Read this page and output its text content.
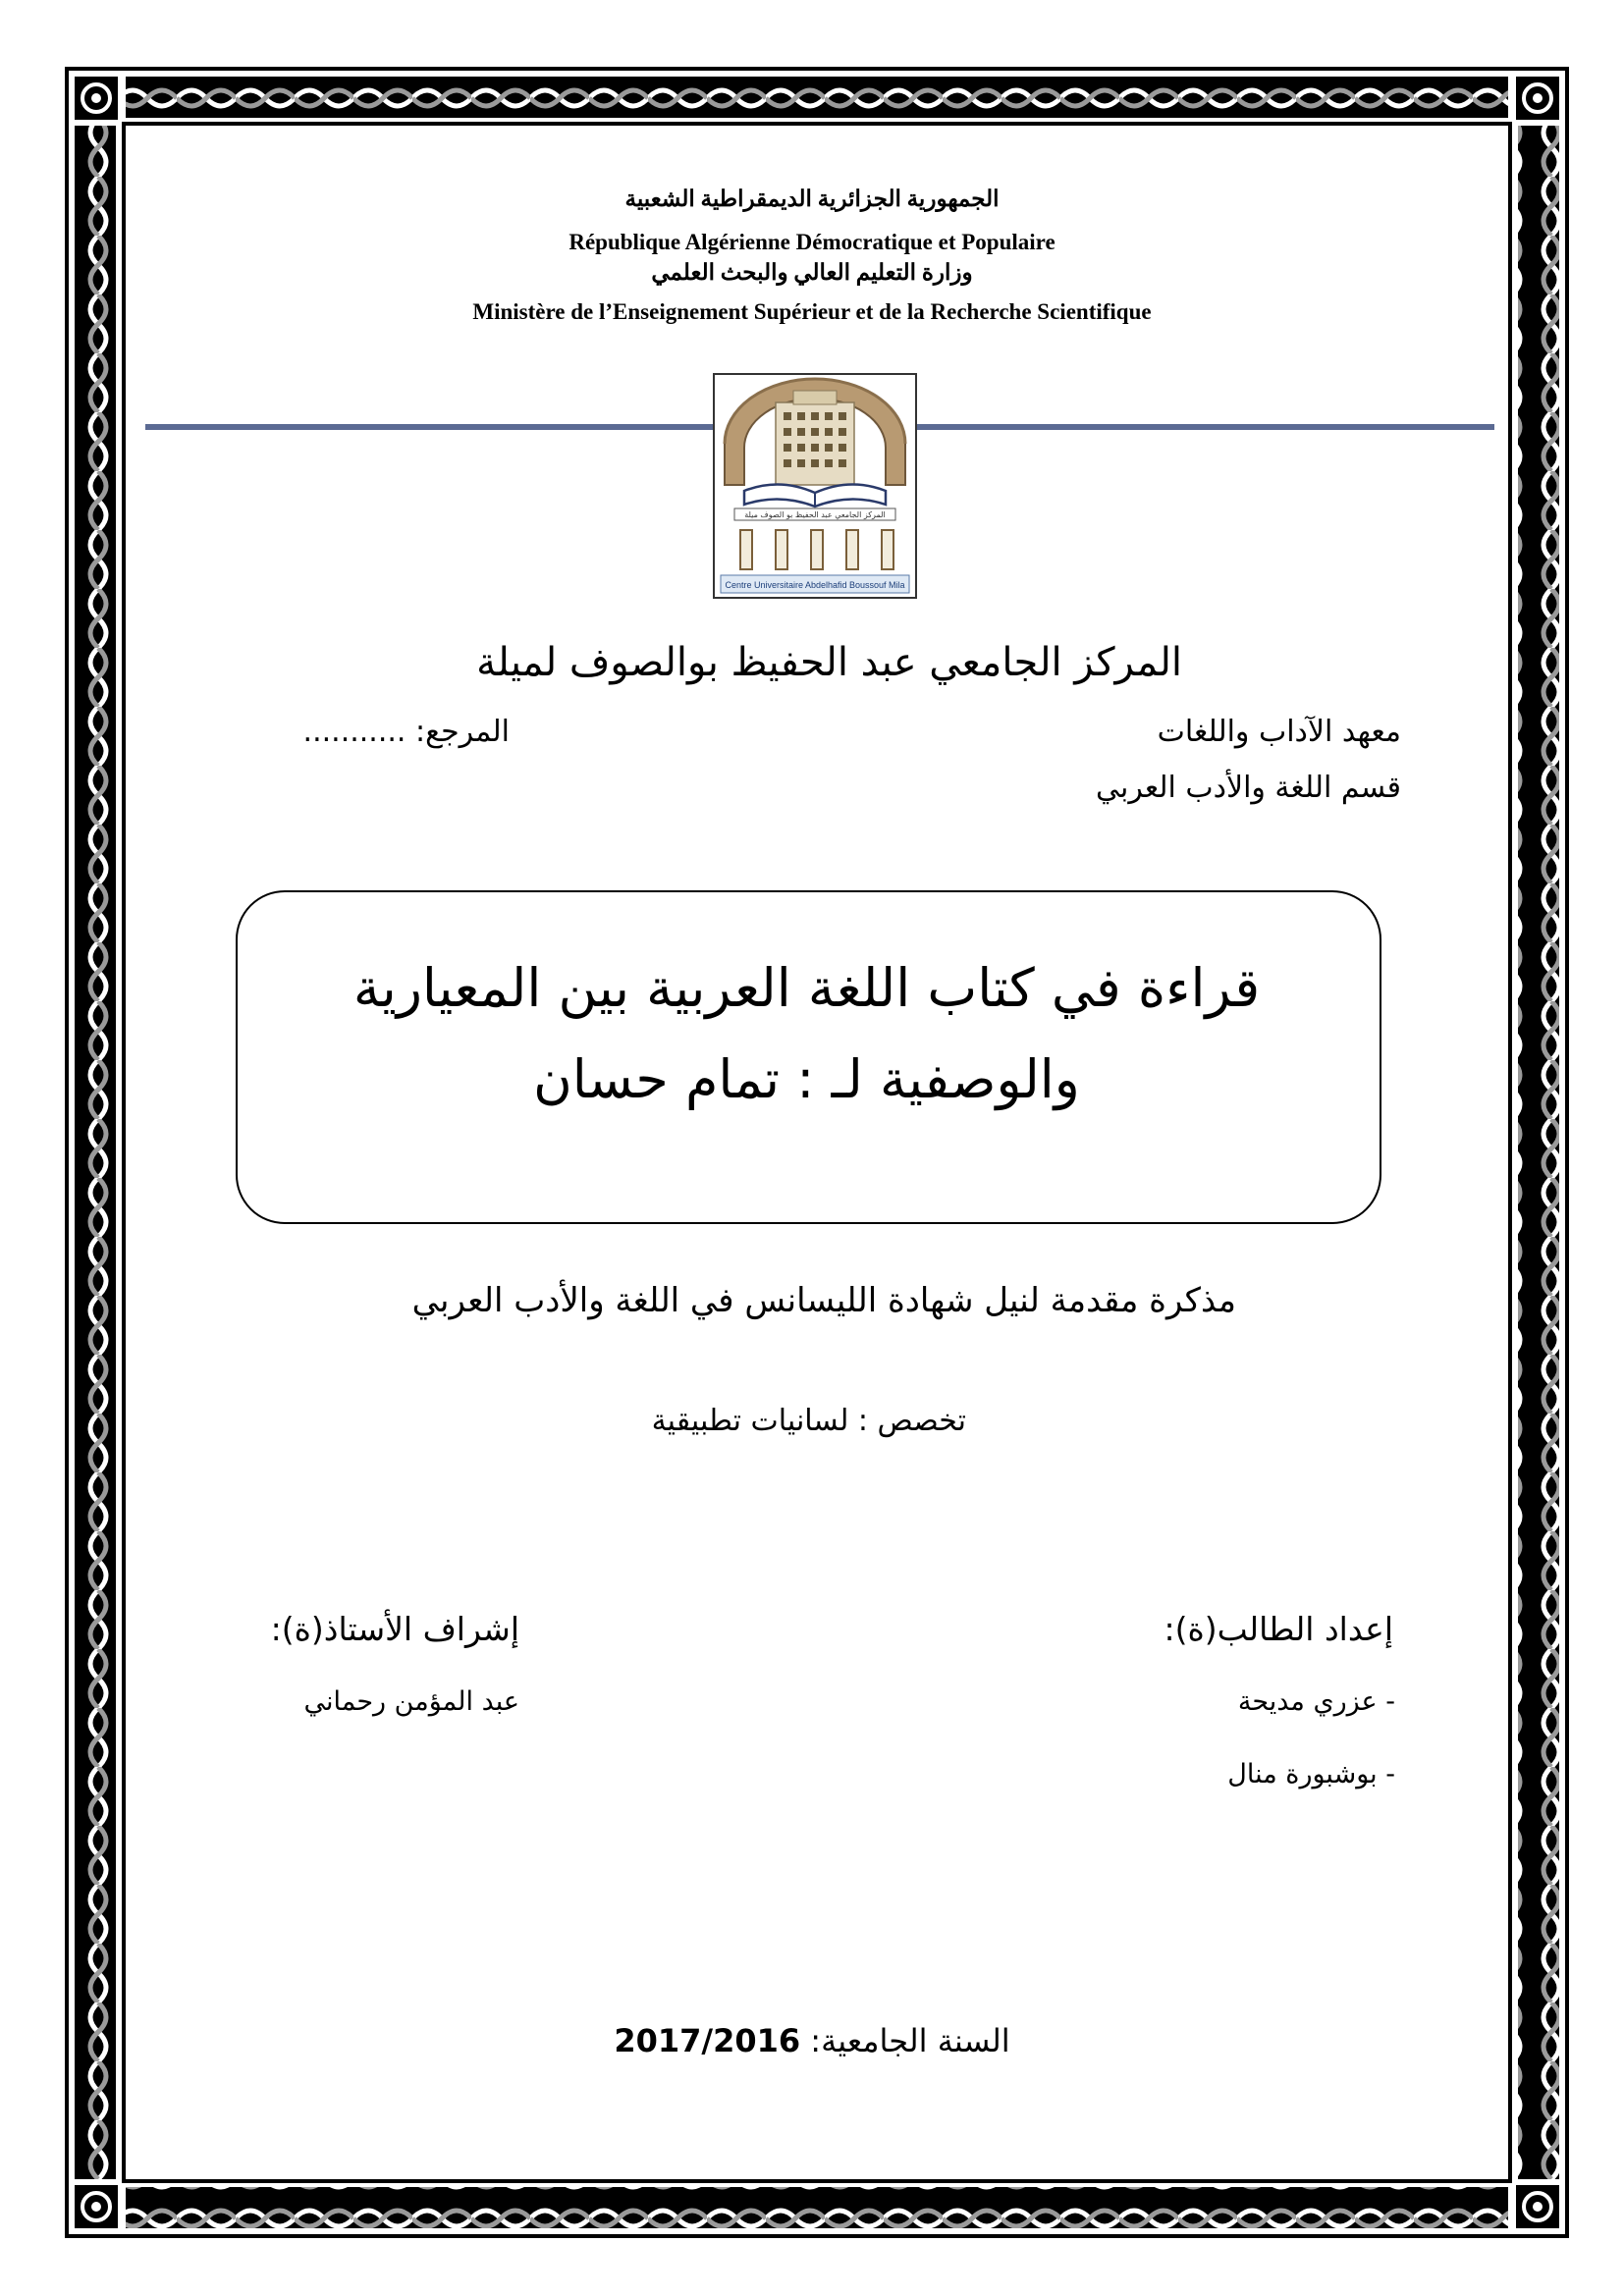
الجمهورية الجزائرية الديمقراطية الشعبية
République Algérienne Démocratique et Populaire
وزارة التعليم العالي والبحث العلمي
Ministère de l’Enseignement Supérieur et de la Recherche Scientifique
المركز الجامعي عبد الحفيظ بو الصوف ميلة
Centre Universitaire Abdelhafid Boussouf Mila
المركز الجامعي عبد الحفيظ بوالصوف لميلة
معهد الآداب واللغات
المرجع: ...........
قسم اللغة والأدب العربي
قراءة في كتاب اللغة العربية بين المعيارية
والوصفية لـ : تمام حسان
مذكرة مقدمة لنيل شهادة الليسانس في اللغة والأدب العربي
تخصص : لسانيات تطبيقية
إعداد الطالب(ة):
إشراف الأستاذ(ة):
- عزري مديحة
- بوشبورة منال
عبد المؤمن رحماني
السنة الجامعية: 2017/2016
